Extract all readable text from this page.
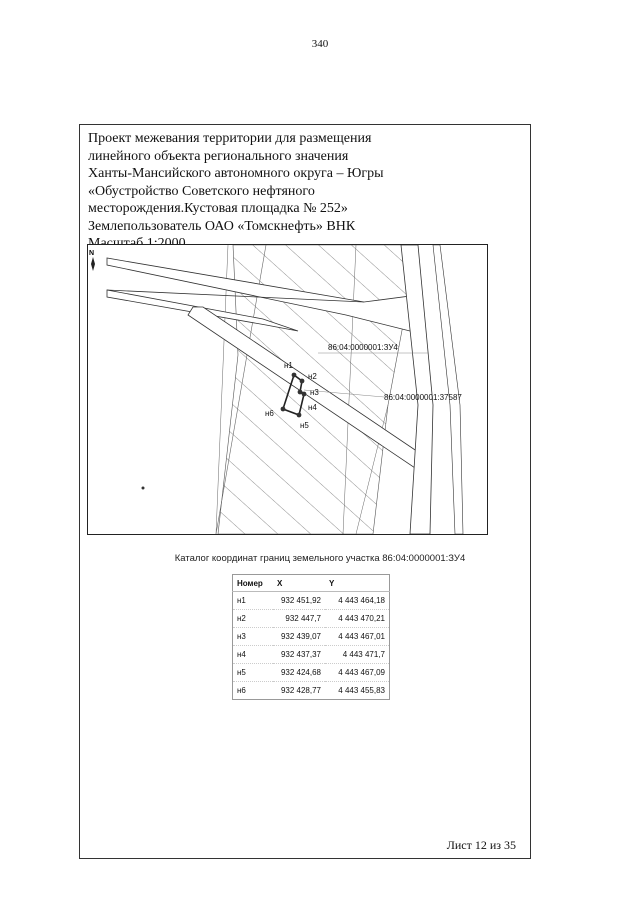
340
Проект межевания территории для размещения
линейного объекта регионального значения
Ханты-Мансийского автономного округа – Югры
«Обустройство Советского нефтяного
месторождения.Кустовая площадка № 252»
Землепользователь ОАО «Томскнефть» ВНК
86:04:0000001:ЗУ4
86:04:0000001:37587
н1
н2
н3
н4
н5
н6
N
Каталог координат границ земельного участка 86:04:0000001:ЗУ4
Номер	X	Y
н1	932 451,92	4 443 464,18
н2	932 447,7	4 443 470,21
н3	932 439,07	4 443 467,01
н4	932 437,37	4 443 471,7
н5	932 424,68	4 443 467,09
н6	932 428,77	4 443 455,83
Лист 12 из 35
